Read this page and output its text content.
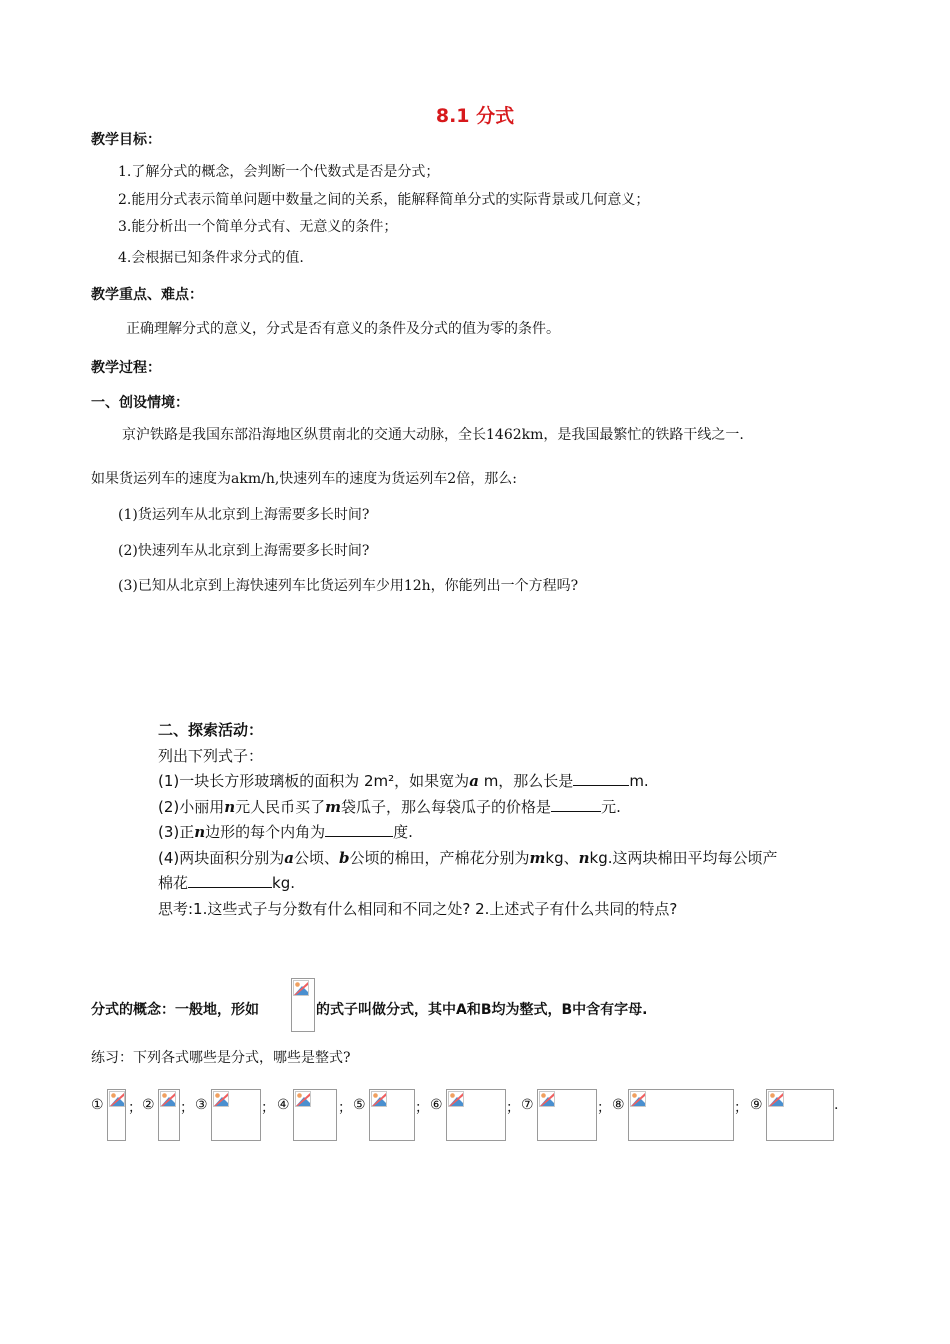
8.1 分式
教学目标：
1.了解分式的概念，会判断一个代数式是否是分式；
2.能用分式表示简单问题中数量之间的关系，能解释简单分式的实际背景或几何意义；
3.能分析出一个简单分式有、无意义的条件；
4.会根据已知条件求分式的值.
教学重点、难点：
正确理解分式的意义，分式是否有意义的条件及分式的值为零的条件。
教学过程：
一、创设情境：
京沪铁路是我国东部沿海地区纵贯南北的交通大动脉，全长1462km，是我国最繁忙的铁路干线之一.
如果货运列车的速度为akm/h,快速列车的速度为货运列车2倍，那么:
(1)货运列车从北京到上海需要多长时间?
(2)快速列车从北京到上海需要多长时间?
(3)已知从北京到上海快速列车比货运列车少用12h，你能列出一个方程吗?
二、探索活动：
列出下列式子：
(1)一块长方形玻璃板的面积为 2m²，如果宽为a m，那么长是	m.
(2)小丽用n元人民币买了m袋瓜子，那么每袋瓜子的价格是	元.
(3)正n边形的每个内角为	度.
(4)两块面积分别为a公顷、b公顷的棉田，产棉花分别为mkg、nkg.这两块棉田平均每公顷产
棉花	kg.
思考:1.这些式子与分数有什么相同和不同之处? 2.上述式子有什么共同的特点?
分式的概念：一般地，形如	的式子叫做分式，其中A和B均为整式，B中含有字母.
练习：下列各式哪些是分式，哪些是整式?
① ； ② ； ③	； ④	； ⑤	； ⑥	； ⑦	； ⑧	； ⑨	.
